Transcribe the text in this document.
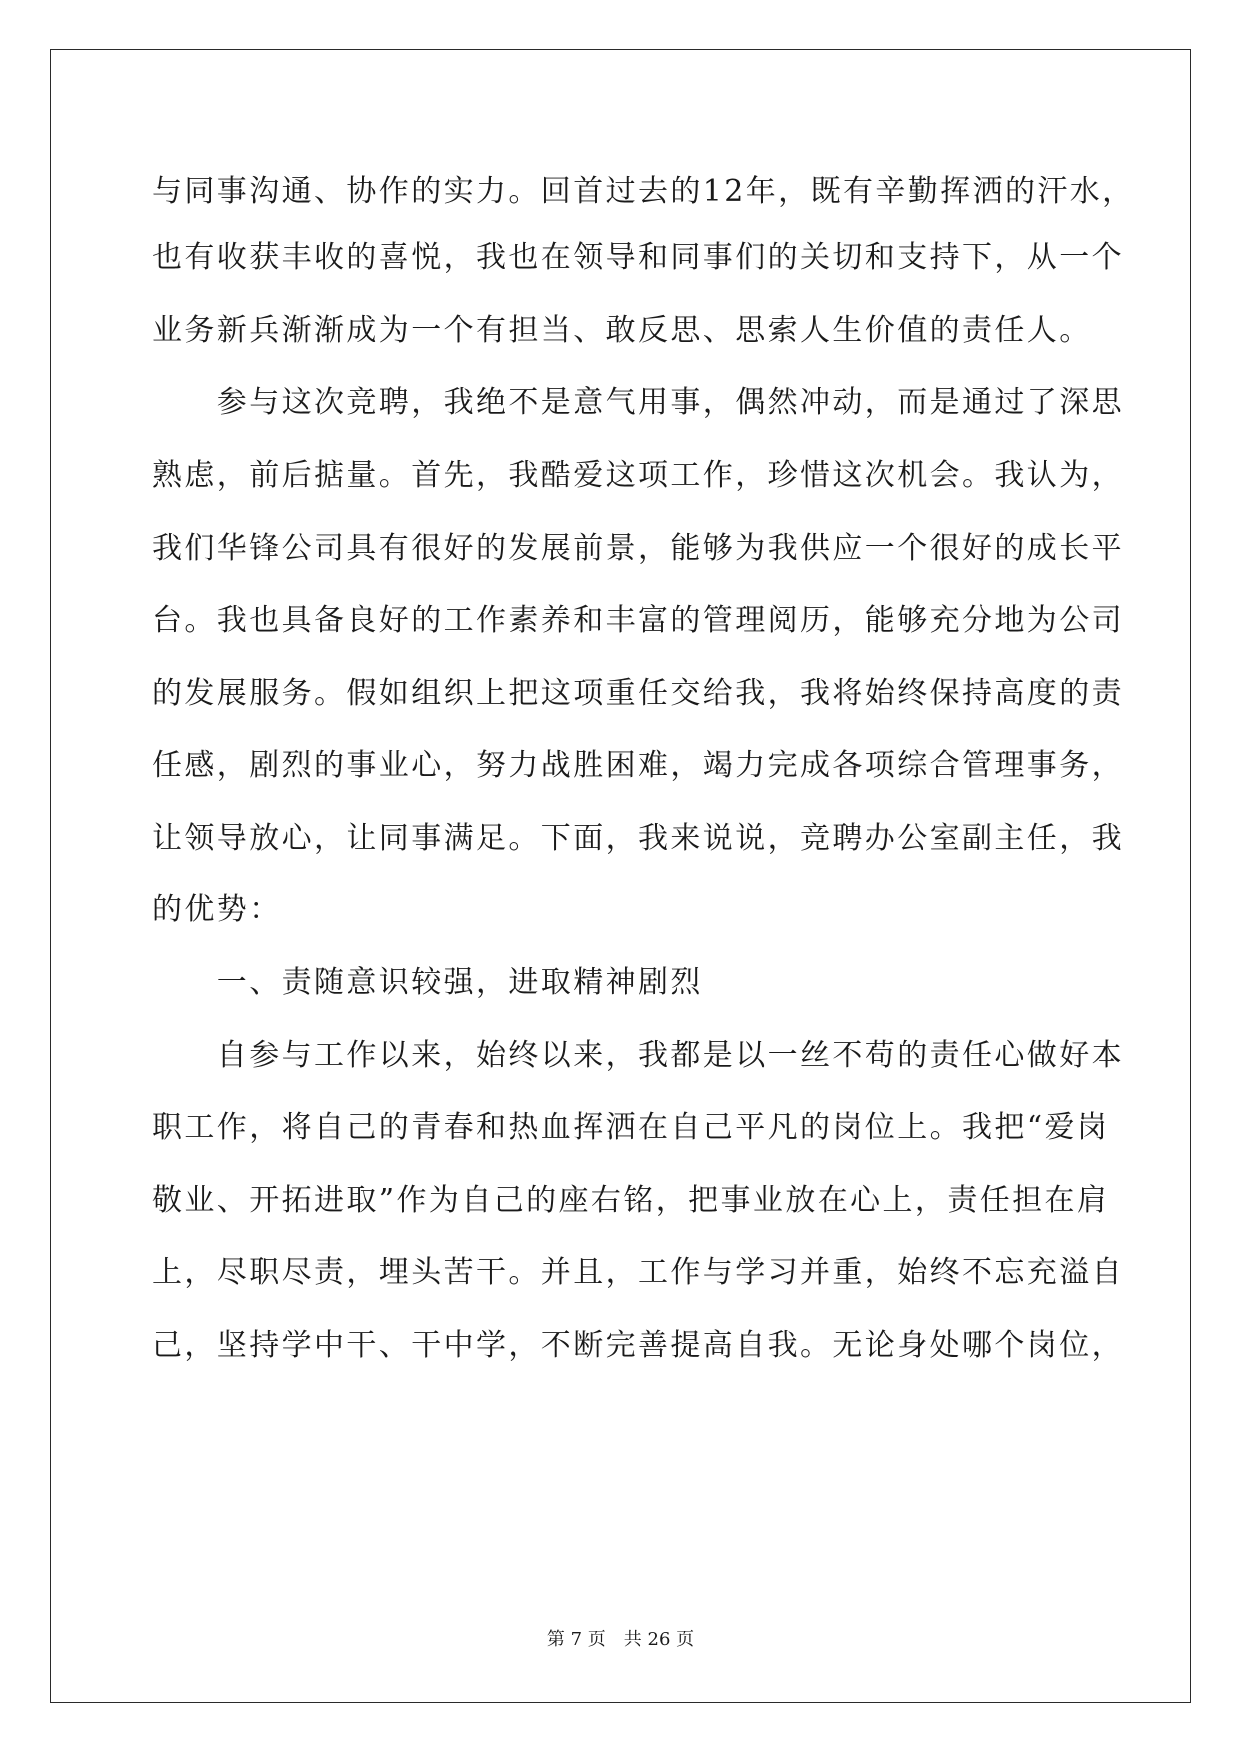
与同事沟通、协作的实力。回首过去的12年，既有辛勤挥洒的汗水，
也有收获丰收的喜悦，我也在领导和同事们的关切和支持下，从一个
业务新兵渐渐成为一个有担当、敢反思、思索人生价值的责任人。
　　参与这次竞聘，我绝不是意气用事，偶然冲动，而是通过了深思
熟虑，前后掂量。首先，我酷爱这项工作，珍惜这次机会。我认为，
我们华锋公司具有很好的发展前景，能够为我供应一个很好的成长平
台。我也具备良好的工作素养和丰富的管理阅历，能够充分地为公司
的发展服务。假如组织上把这项重任交给我，我将始终保持高度的责
任感，剧烈的事业心，努力战胜困难，竭力完成各项综合管理事务，
让领导放心，让同事满足。下面，我来说说，竞聘办公室副主任，我
的优势：
　　一、责随意识较强，进取精神剧烈
　　自参与工作以来，始终以来，我都是以一丝不苟的责任心做好本
职工作，将自己的青春和热血挥洒在自己平凡的岗位上。我把“爱岗
敬业、开拓进取”作为自己的座右铭，把事业放在心上，责任担在肩
上，尽职尽责，埋头苦干。并且，工作与学习并重，始终不忘充溢自
己，坚持学中干、干中学，不断完善提高自我。无论身处哪个岗位，
第 7 页　共 26 页
